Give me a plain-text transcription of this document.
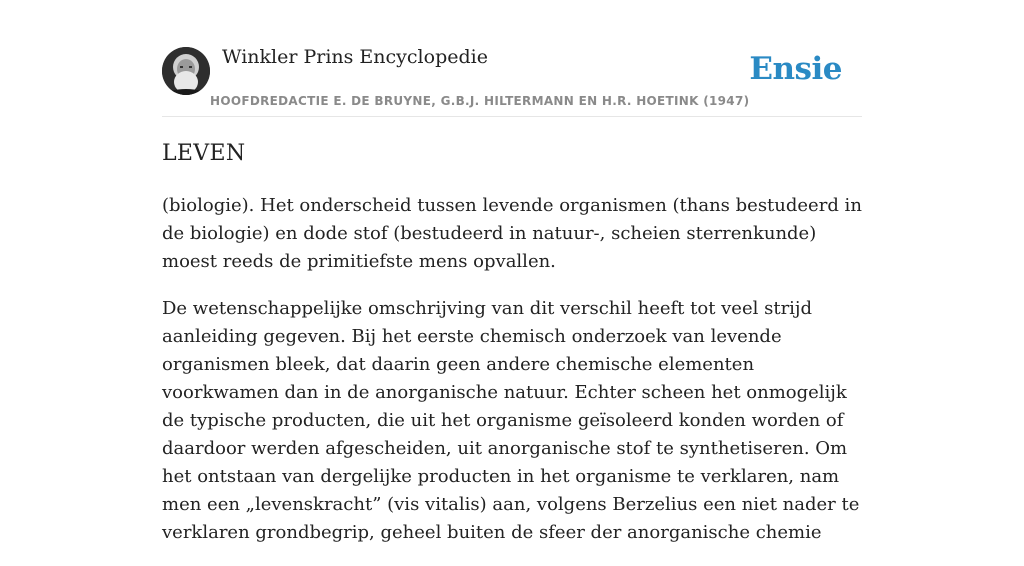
Winkler Prins Encyclopedie
HOOFDREDACTIE E. DE BRUYNE, G.B.J. HILTERMANN EN H.R. HOETINK (1947)
Ensie
LEVEN

(biologie). Het onderscheid tussen levende organismen (thans bestudeerd in de biologie) en dode stof (bestudeerd in natuur-, scheien sterrenkunde) moest reeds de primitiefste mens opvallen.

De wetenschappelijke omschrijving van dit verschil heeft tot veel strijd aanleiding gegeven. Bij het eerste chemisch onderzoek van levende organismen bleek, dat daarin geen andere chemische elementen voorkwamen dan in de anorganische natuur. Echter scheen het onmogelijk de typische producten, die uit het organisme geïsoleerd konden worden of daardoor werden afgescheiden, uit anorganische stof te synthetiseren. Om het ontstaan van dergelijke producten in het organisme te verklaren, nam men een „levenskracht” (vis vitalis) aan, volgens Berzelius een niet nader te verklaren grondbegrip, geheel buiten de sfeer der anorganische chemie
